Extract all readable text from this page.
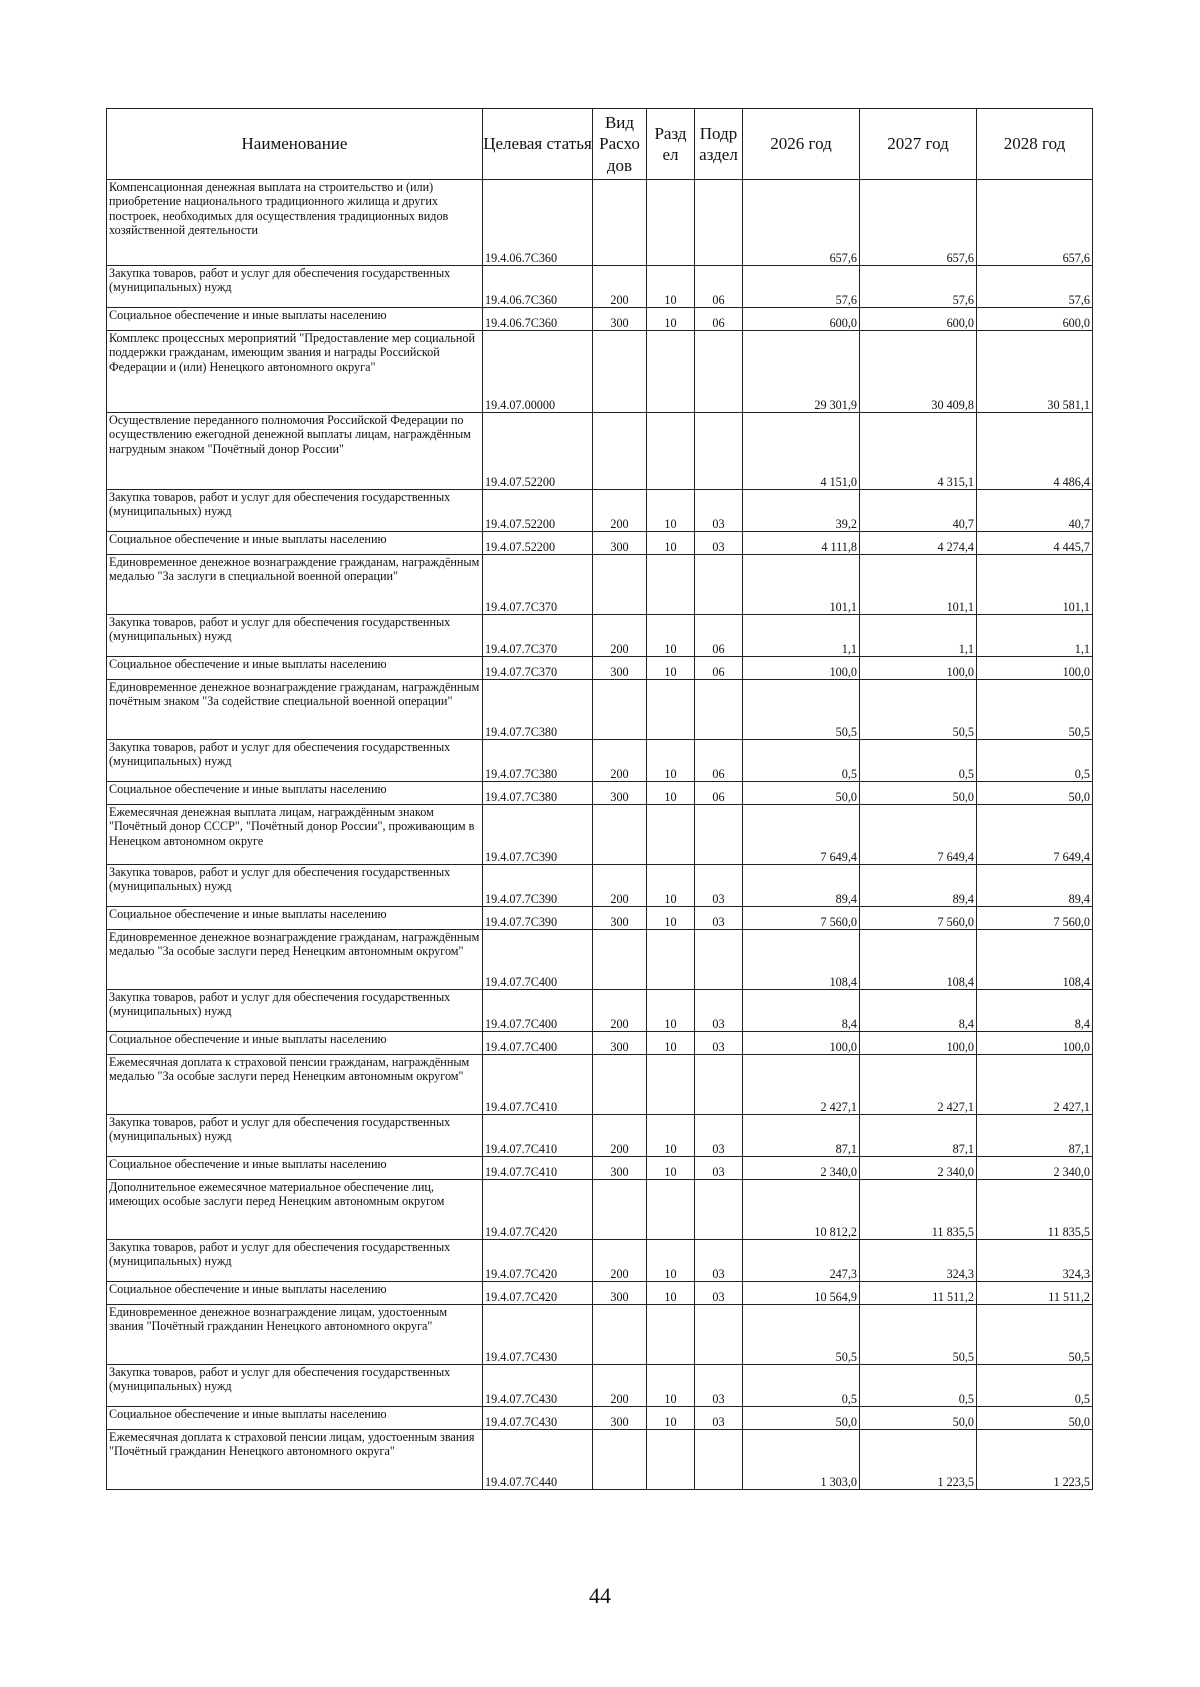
Наименование	Целевая статья	Вид Расхо дов	Разд ел	Подр аздел	2026 год	2027 год	2028 год
Компенсационная денежная выплата на строительство и (или) приобретение национального традиционного жилища и других построек, необходимых для осуществления традиционных видов хозяйственной деятельности	19.4.06.7С360				657,6	657,6	657,6
Закупка товаров, работ и услуг для обеспечения государственных (муниципальных) нужд	19.4.06.7С360	200	10	06	57,6	57,6	57,6
Социальное обеспечение и иные выплаты населению	19.4.06.7С360	300	10	06	600,0	600,0	600,0
Комплекс процессных мероприятий "Предоставление мер социальной поддержки гражданам, имеющим звания и награды Российской Федерации и (или) Ненецкого автономного округа"	19.4.07.00000				29 301,9	30 409,8	30 581,1
Осуществление переданного полномочия Российской Федерации по осуществлению ежегодной денежной выплаты лицам, награждённым нагрудным знаком "Почётный донор России"	19.4.07.52200				4 151,0	4 315,1	4 486,4
Закупка товаров, работ и услуг для обеспечения государственных (муниципальных) нужд	19.4.07.52200	200	10	03	39,2	40,7	40,7
Социальное обеспечение и иные выплаты населению	19.4.07.52200	300	10	03	4 111,8	4 274,4	4 445,7
Единовременное денежное вознаграждение гражданам, награждённым медалью "За заслуги в специальной военной операции"	19.4.07.7С370				101,1	101,1	101,1
Закупка товаров, работ и услуг для обеспечения государственных (муниципальных) нужд	19.4.07.7С370	200	10	06	1,1	1,1	1,1
Социальное обеспечение и иные выплаты населению	19.4.07.7С370	300	10	06	100,0	100,0	100,0
Единовременное денежное вознаграждение гражданам, награждённым почётным знаком "За содействие специальной военной операции"	19.4.07.7С380				50,5	50,5	50,5
Закупка товаров, работ и услуг для обеспечения государственных (муниципальных) нужд	19.4.07.7С380	200	10	06	0,5	0,5	0,5
Социальное обеспечение и иные выплаты населению	19.4.07.7С380	300	10	06	50,0	50,0	50,0
Ежемесячная денежная выплата лицам, награждённым знаком "Почётный донор СССР", "Почётный донор России", проживающим в Ненецком автономном округе	19.4.07.7С390				7 649,4	7 649,4	7 649,4
Закупка товаров, работ и услуг для обеспечения государственных (муниципальных) нужд	19.4.07.7С390	200	10	03	89,4	89,4	89,4
Социальное обеспечение и иные выплаты населению	19.4.07.7С390	300	10	03	7 560,0	7 560,0	7 560,0
Единовременное денежное вознаграждение гражданам, награждённым медалью "За особые заслуги перед Ненецким автономным округом"	19.4.07.7С400				108,4	108,4	108,4
Закупка товаров, работ и услуг для обеспечения государственных (муниципальных) нужд	19.4.07.7С400	200	10	03	8,4	8,4	8,4
Социальное обеспечение и иные выплаты населению	19.4.07.7С400	300	10	03	100,0	100,0	100,0
Ежемесячная доплата к страховой пенсии гражданам, награждённым медалью "За особые заслуги перед Ненецким автономным округом"	19.4.07.7С410				2 427,1	2 427,1	2 427,1
Закупка товаров, работ и услуг для обеспечения государственных (муниципальных) нужд	19.4.07.7С410	200	10	03	87,1	87,1	87,1
Социальное обеспечение и иные выплаты населению	19.4.07.7С410	300	10	03	2 340,0	2 340,0	2 340,0
Дополнительное ежемесячное материальное обеспечение лиц, имеющих особые заслуги перед Ненецким автономным округом	19.4.07.7С420				10 812,2	11 835,5	11 835,5
Закупка товаров, работ и услуг для обеспечения государственных (муниципальных) нужд	19.4.07.7С420	200	10	03	247,3	324,3	324,3
Социальное обеспечение и иные выплаты населению	19.4.07.7С420	300	10	03	10 564,9	11 511,2	11 511,2
Единовременное денежное вознаграждение лицам, удостоенным звания "Почётный гражданин Ненецкого автономного округа"	19.4.07.7С430				50,5	50,5	50,5
Закупка товаров, работ и услуг для обеспечения государственных (муниципальных) нужд	19.4.07.7С430	200	10	03	0,5	0,5	0,5
Социальное обеспечение и иные выплаты населению	19.4.07.7С430	300	10	03	50,0	50,0	50,0
Ежемесячная доплата к страховой пенсии лицам, удостоенным звания "Почётный гражданин Ненецкого автономного округа"	19.4.07.7С440				1 303,0	1 223,5	1 223,5
44
